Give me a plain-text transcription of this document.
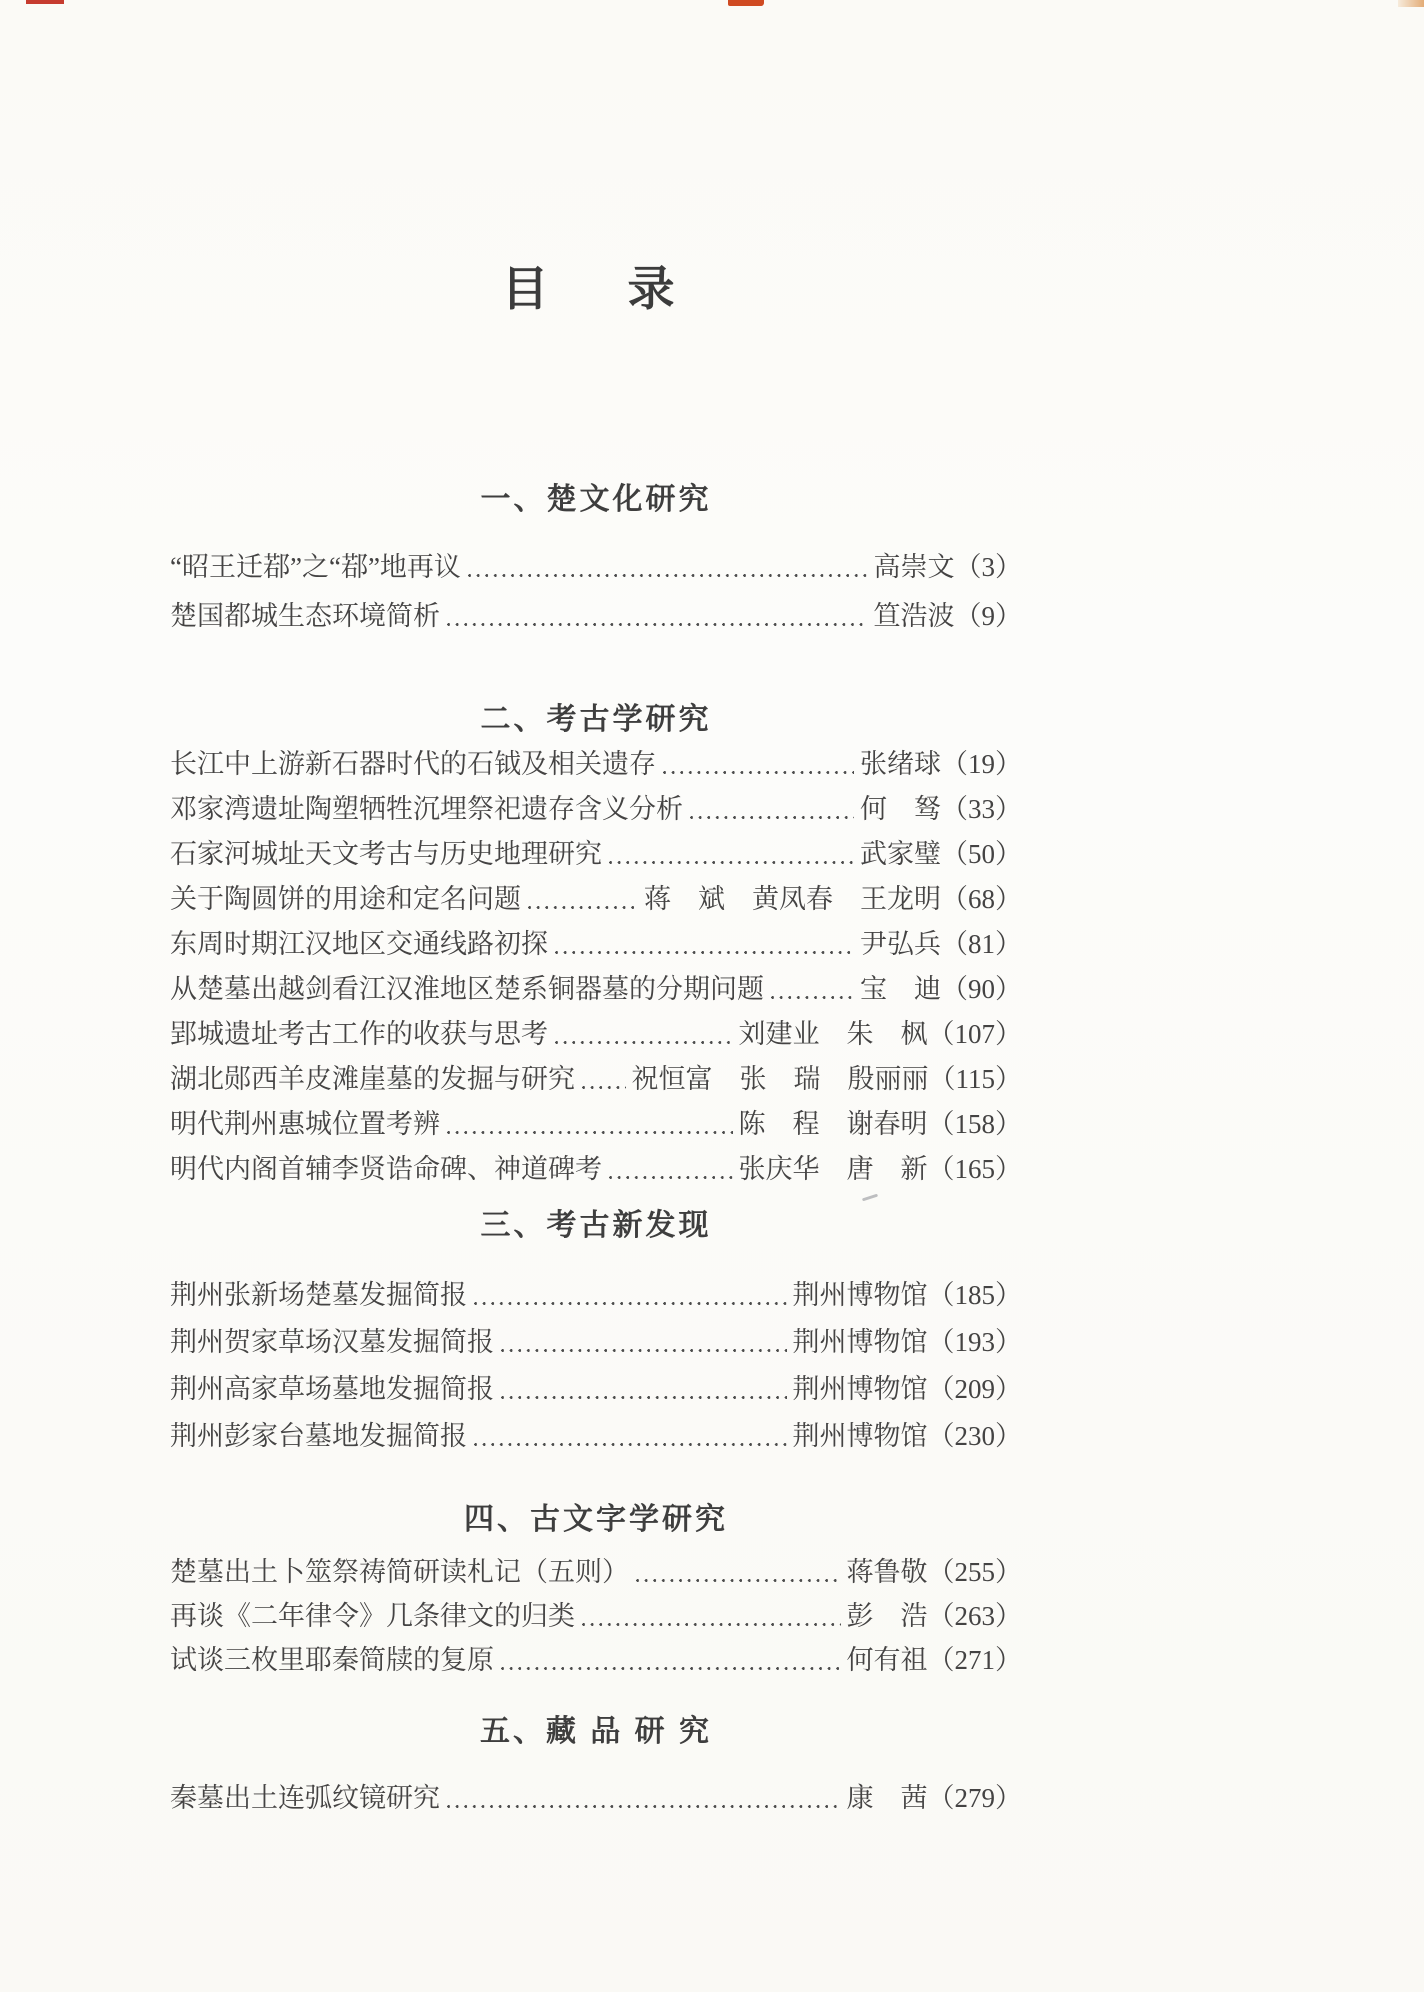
目　录
一、楚文化研究
“昭王迁鄀”之“鄀”地再议	高崇文（3）
楚国都城生态环境简析	笪浩波（9）
二、考古学研究
长江中上游新石器时代的石钺及相关遗存	张绪球（19）
邓家湾遗址陶塑牺牲沉埋祭祀遗存含义分析	何　驽（33）
石家河城址天文考古与历史地理研究	武家璧（50）
关于陶圆饼的用途和定名问题	蒋　斌　黄凤春　王龙明（68）
东周时期江汉地区交通线路初探	尹弘兵（81）
从楚墓出越剑看江汉淮地区楚系铜器墓的分期问题	宝　迪（90）
郢城遗址考古工作的收获与思考	刘建业　朱　枫（107）
湖北郧西羊皮滩崖墓的发掘与研究 祝恒富　张　瑞　殷丽丽（115）
明代荆州惠城位置考辨	陈　程　谢春明（158）
明代内阁首辅李贤诰命碑、神道碑考	张庆华　唐　新（165）
三、考古新发现
荆州张新场楚墓发掘简报	荆州博物馆（185）
荆州贺家草场汉墓发掘简报	荆州博物馆（193）
荆州高家草场墓地发掘简报	荆州博物馆（209）
荆州彭家台墓地发掘简报	荆州博物馆（230）
四、古文字学研究
楚墓出土卜筮祭祷简研读札记（五则）	蒋鲁敬（255）
再谈《二年律令》几条律文的归类	彭　浩（263）
试谈三枚里耶秦简牍的复原	何有祖（271）
五、藏 品 研 究
秦墓出土连弧纹镜研究	康　茜（279）
